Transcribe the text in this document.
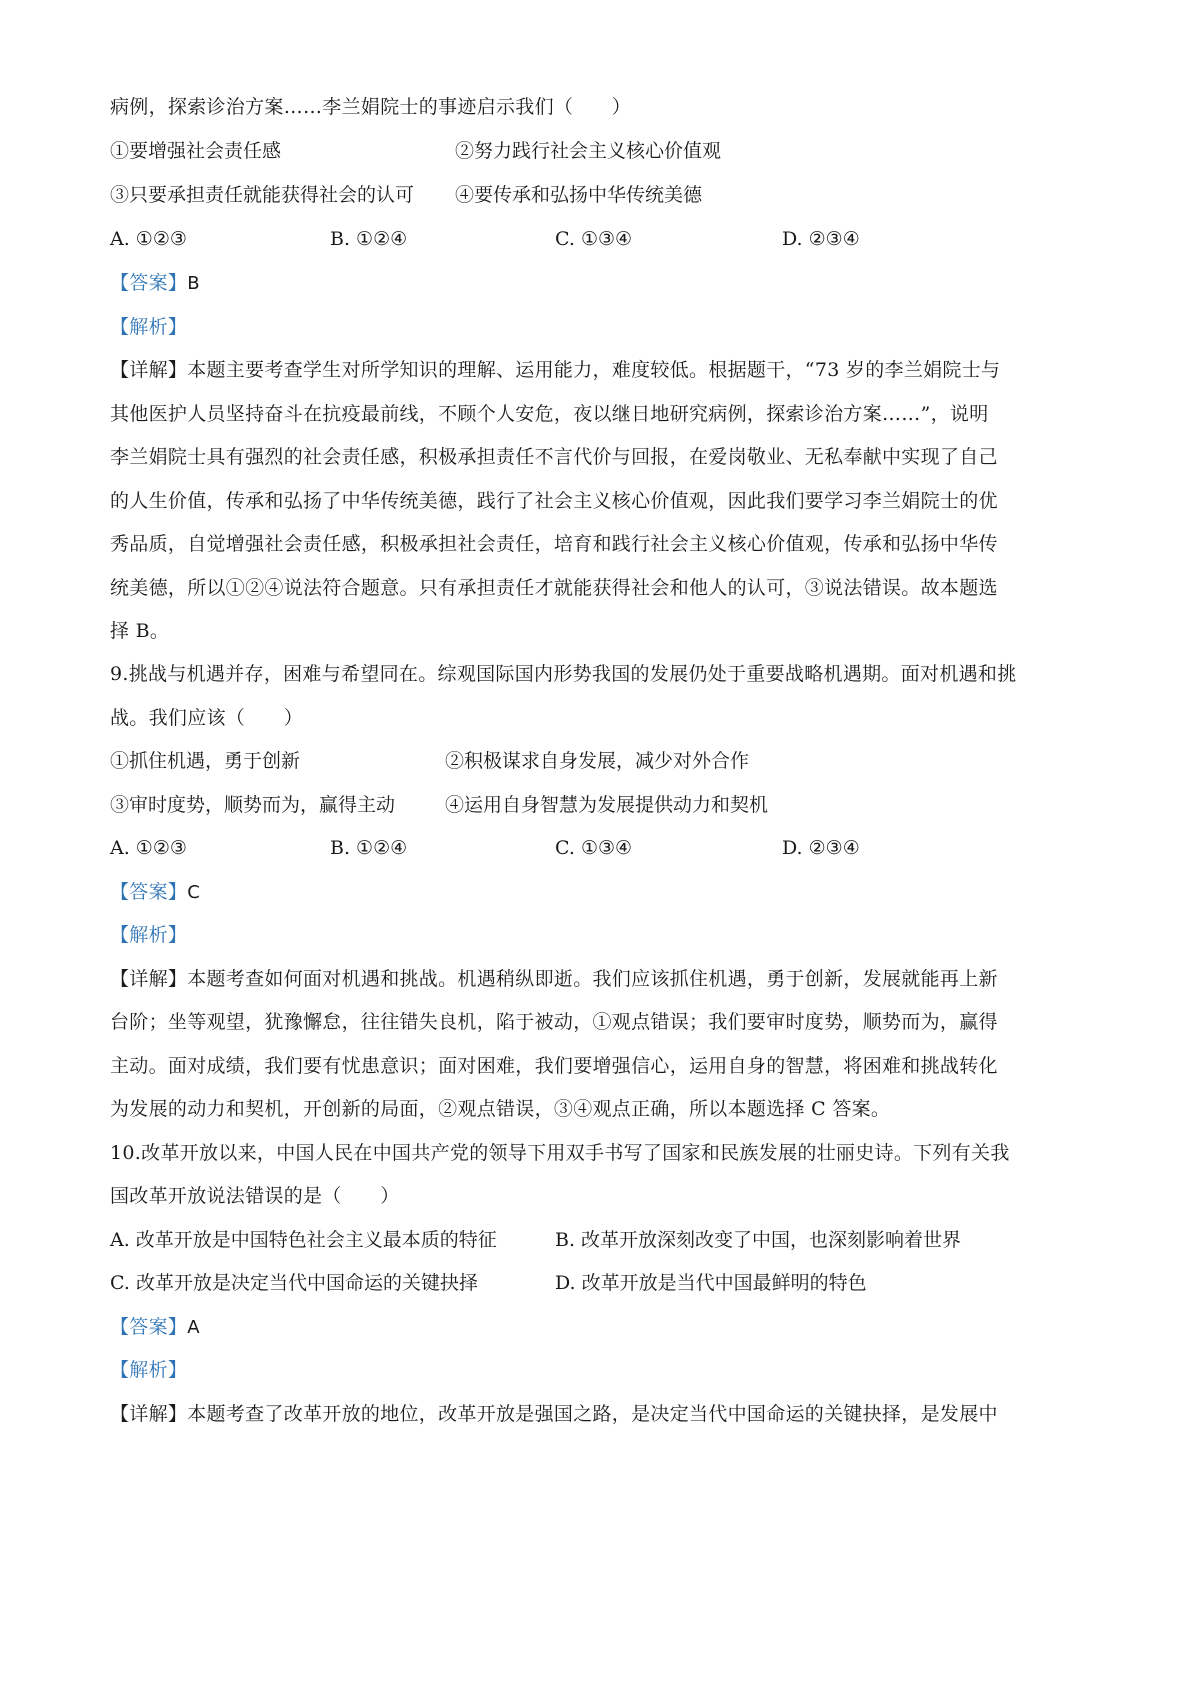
病例，探索诊治方案……李兰娟院士的事迹启示我们（　　）
①要增强社会责任感	②努力践行社会主义核心价值观
③只要承担责任就能获得社会的认可 ④要传承和弘扬中华传统美德
A. ①②③	B. ①②④	C. ①③④	D. ②③④
【答案】B
【解析】
【详解】本题主要考查学生对所学知识的理解、运用能力，难度较低。根据题干，“73 岁的李兰娟院士与
其他医护人员坚持奋斗在抗疫最前线，不顾个人安危，夜以继日地研究病例，探索诊治方案……”，说明
李兰娟院士具有强烈的社会责任感，积极承担责任不言代价与回报，在爱岗敬业、无私奉献中实现了自己
的人生价值，传承和弘扬了中华传统美德，践行了社会主义核心价值观，因此我们要学习李兰娟院士的优
秀品质，自觉增强社会责任感，积极承担社会责任，培育和践行社会主义核心价值观，传承和弘扬中华传
统美德，所以①②④说法符合题意。只有承担责任才就能获得社会和他人的认可，③说法错误。故本题选
择 B。
9.挑战与机遇并存，困难与希望同在。综观国际国内形势我国的发展仍处于重要战略机遇期。面对机遇和挑
战。我们应该（　　）
①抓住机遇，勇于创新	②积极谋求自身发展，减少对外合作
③审时度势，顺势而为，赢得主动	④运用自身智慧为发展提供动力和契机
A. ①②③	B. ①②④	C. ①③④	D. ②③④
【答案】C
【解析】
【详解】本题考查如何面对机遇和挑战。机遇稍纵即逝。我们应该抓住机遇，勇于创新，发展就能再上新
台阶；坐等观望，犹豫懈怠，往往错失良机，陷于被动，①观点错误；我们要审时度势，顺势而为，赢得
主动。面对成绩，我们要有忧患意识；面对困难，我们要增强信心，运用自身的智慧，将困难和挑战转化
为发展的动力和契机，开创新的局面，②观点错误，③④观点正确，所以本题选择 C 答案。
10.改革开放以来，中国人民在中国共产党的领导下用双手书写了国家和民族发展的壮丽史诗。下列有关我
国改革开放说法错误的是（　　）
A. 改革开放是中国特色社会主义最本质的特征	B. 改革开放深刻改变了中国，也深刻影响着世界
C. 改革开放是决定当代中国命运的关键抉择	D. 改革开放是当代中国最鲜明的特色
【答案】A
【解析】
【详解】本题考查了改革开放的地位，改革开放是强国之路，是决定当代中国命运的关键抉择，是发展中
